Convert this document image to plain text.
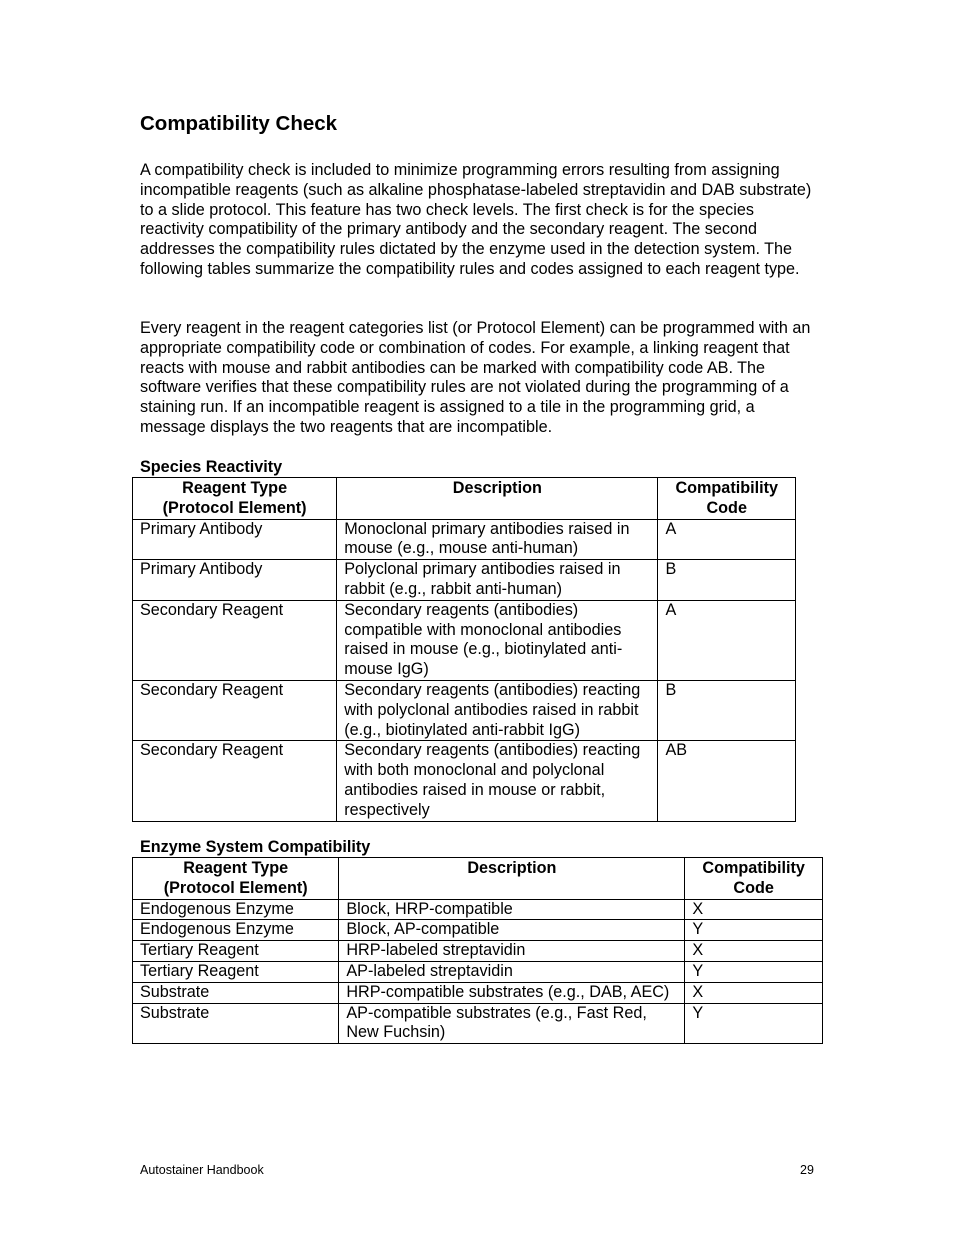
Compatibility Check

A compatibility check is included to minimize programming errors resulting from assigning incompatible reagents (such as alkaline phosphatase-labeled streptavidin and DAB substrate) to a slide protocol. This feature has two check levels. The first check is for the species reactivity compatibility of the primary antibody and the secondary reagent. The second addresses the compatibility rules dictated by the enzyme used in the detection system. The following tables summarize the compatibility rules and codes assigned to each reagent type.

Every reagent in the reagent categories list (or Protocol Element) can be programmed with an appropriate compatibility code or combination of codes. For example, a linking reagent that reacts with mouse and rabbit antibodies can be marked with compatibility code AB. The software verifies that these compatibility rules are not violated during the programming of a staining run. If an incompatible reagent is assigned to a tile in the programming grid, a message displays the two reagents that are incompatible.

Species Reactivity

Reagent Type
(Protocol Element)	Description	Compatibility
Code
Primary Antibody	Monoclonal primary antibodies raised in mouse (e.g., mouse anti-human)	A
Primary Antibody	Polyclonal primary antibodies raised in rabbit (e.g., rabbit anti-human)	B
Secondary Reagent	Secondary reagents (antibodies) compatible with monoclonal antibodies raised in mouse (e.g., biotinylated anti-mouse IgG)	A
Secondary Reagent	Secondary reagents (antibodies) reacting with polyclonal antibodies raised in rabbit (e.g., biotinylated anti-rabbit IgG)	B
Secondary Reagent	Secondary reagents (antibodies) reacting with both monoclonal and polyclonal antibodies raised in mouse or rabbit, respectively	AB

Enzyme System Compatibility

Reagent Type
(Protocol Element)	Description	Compatibility
Code
Endogenous Enzyme	Block, HRP-compatible	X
Endogenous Enzyme	Block, AP-compatible	Y
Tertiary Reagent	HRP-labeled streptavidin	X
Tertiary Reagent	AP-labeled streptavidin	Y
Substrate	HRP-compatible substrates (e.g., DAB, AEC)	X
Substrate	AP-compatible substrates (e.g., Fast Red, New Fuchsin)	Y

Autostainer Handbook	29
